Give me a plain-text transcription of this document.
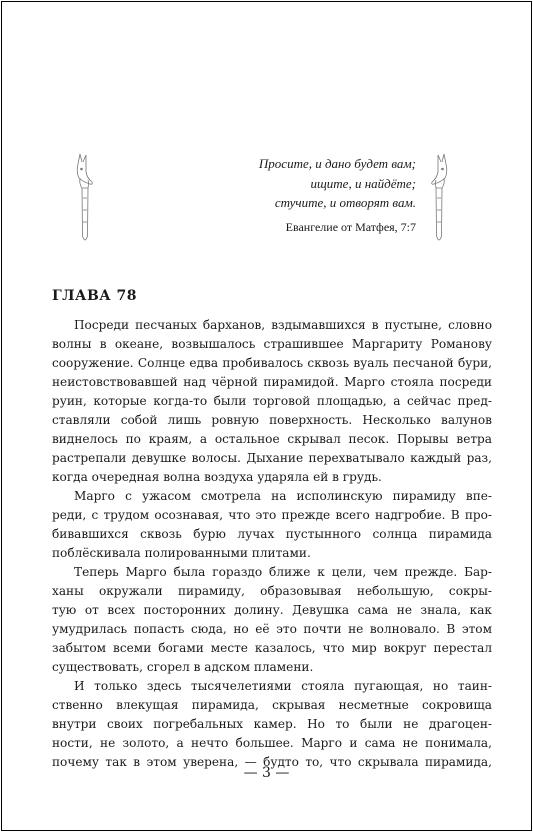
Просите, и дано будет вам;
ищите, и найдёте;
стучите, и отворят вам.
Евангелие от Матфея, 7:7
ГЛАВА 78

Посреди песчаных барханов, вздымавшихся в пустыне, словно
волны в океане, возвышалось страшившее Маргариту Романову
сооружение. Солнце едва пробивалось сквозь вуаль песчаной бури,
неистовствовавшей над чёрной пирамидой. Марго стояла посреди
руин, которые когда-то были торговой площадью, а сейчас пред-
ставляли собой лишь ровную поверхность. Несколько валунов
виднелось по краям, а остальное скрывал песок. Порывы ветра
растрепали девушке волосы. Дыхание перехватывало каждый раз,
когда очередная волна воздуха ударяла ей в грудь.

Марго с ужасом смотрела на исполинскую пирамиду впе-
реди, с трудом осознавая, что это прежде всего надгробие. В про-
бивавшихся сквозь бурю лучах пустынного солнца пирамида
поблёскивала полированными плитами.

Теперь Марго была гораздо ближе к цели, чем прежде. Бар-
ханы окружали пирамиду, образовывая небольшую, сокры-
тую от всех посторонних долину. Девушка сама не знала, как
умудрилась попасть сюда, но её это почти не волновало. В этом
забытом всеми богами месте казалось, что мир вокруг перестал
существовать, сгорел в адском пламени.

И только здесь тысячелетиями стояла пугающая, но таин-
ственно влекущая пирамида, скрывая несметные сокровища
внутри своих погребальных камер. Но то были не драгоцен-
ности, не золото, а нечто большее. Марго и сама не понимала,
почему так в этом уверена, — будто то, что скрывала пирамида,

— 3 —
